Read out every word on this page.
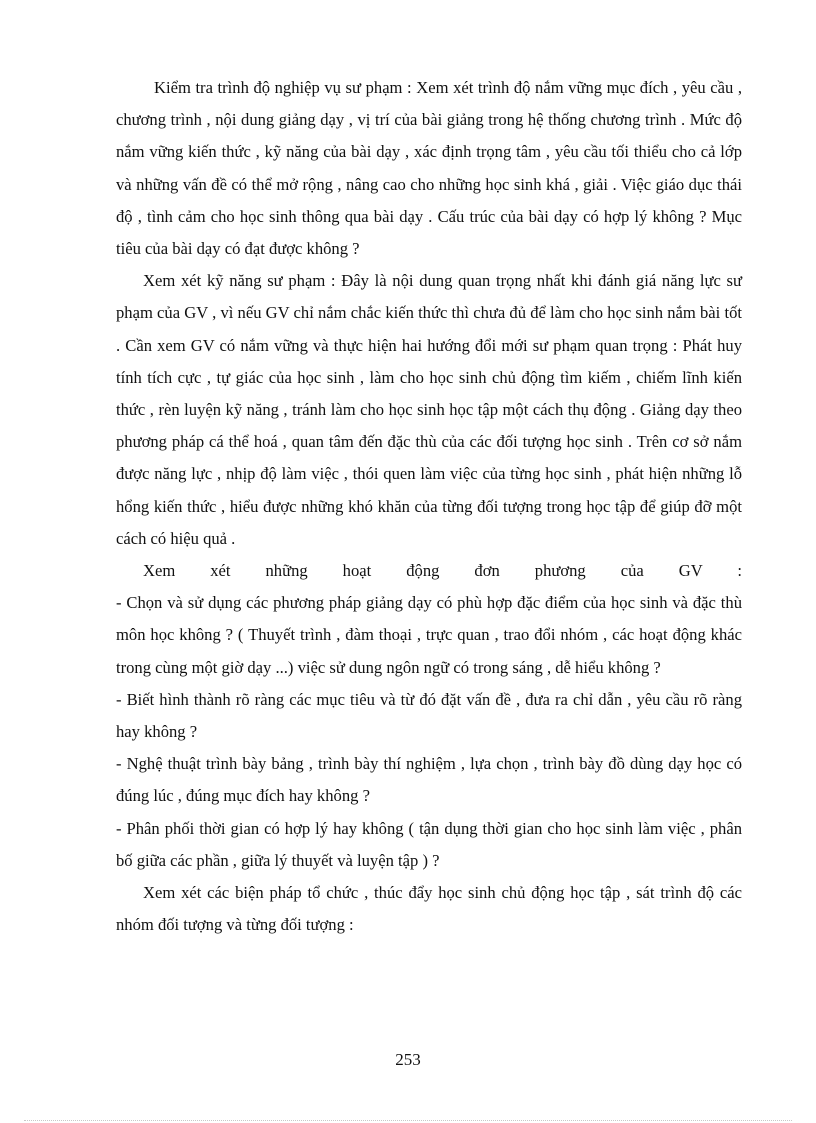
Kiểm tra trình độ nghiệp vụ sư phạm : Xem xét trình độ nắm vững mục đích , yêu cầu , chương trình , nội dung giảng dạy , vị trí của bài giảng trong hệ thống chương trình . Mức độ nắm vững kiến thức , kỹ năng của bài dạy , xác định trọng tâm , yêu cầu tối thiểu cho cả lớp và những vấn đề có thể mở rộng , nâng cao cho những học sinh khá , giải . Việc giáo dục thái độ , tình cảm cho học sinh thông qua bài dạy . Cấu trúc của bài dạy có hợp lý không ? Mục tiêu của bài dạy có đạt được không ?

Xem xét kỹ năng sư phạm : Đây là nội dung quan trọng nhất khi đánh giá năng lực sư phạm của GV , vì nếu GV chỉ nắm chắc kiến thức thì chưa đủ để làm cho học sinh nắm bài tốt . Cần xem GV có nắm vững và thực hiện hai hướng đổi mới sư phạm quan trọng : Phát huy tính tích cực , tự giác của học sinh , làm cho học sinh chủ động tìm kiếm , chiếm lĩnh kiến thức , rèn luyện kỹ năng , tránh làm cho học sinh học tập một cách thụ động . Giảng dạy theo phương pháp cá thể hoá , quan tâm đến đặc thù của các đối tượng học sinh . Trên cơ sở nắm được năng lực , nhịp độ làm việc , thói quen làm việc của từng học sinh , phát hiện những lỗ hổng kiến thức , hiểu được những khó khăn của từng đối tượng trong học tập để giúp đỡ một cách có hiệu quả .

Xem xét những hoạt động đơn phương của GV :

- Chọn và sử dụng các phương pháp giảng dạy có phù hợp đặc điểm của học sinh và đặc thù môn học không ? ( Thuyết trình , đàm thoại , trực quan , trao đổi nhóm , các hoạt động khác trong cùng một giờ dạy ...) việc sử dung ngôn ngữ có trong sáng , dễ hiểu không ?

- Biết hình thành rõ ràng các mục tiêu và từ đó đặt vấn đề , đưa ra chỉ dẫn , yêu cầu rõ ràng hay không ?

- Nghệ thuật trình bày bảng , trình bày thí nghiệm , lựa chọn , trình bày đồ dùng dạy học có đúng lúc , đúng mục đích hay không ?

- Phân phối thời gian có hợp lý hay không ( tận dụng thời gian cho học sinh làm việc , phân bố giữa các phần , giữa lý thuyết và luyện tập ) ?

Xem xét các biện pháp tổ chức , thúc đẩy học sinh chủ động học tập , sát trình độ các nhóm đối tượng và từng đối tượng :

253
